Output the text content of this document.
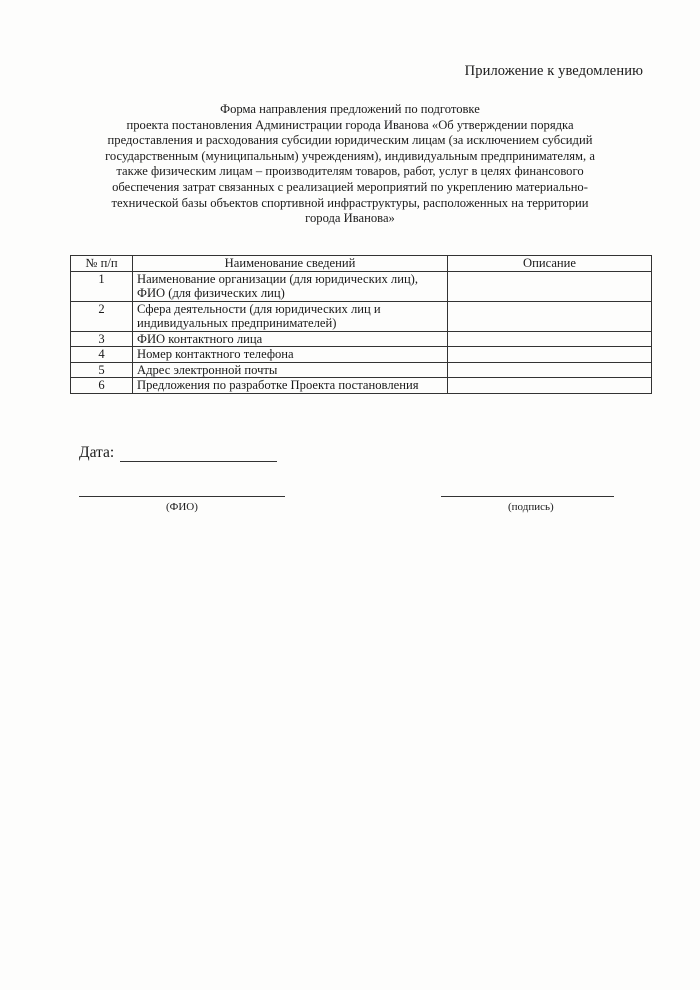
Приложение к уведомлению
Форма направления предложений по подготовке
проекта постановления Администрации города Иванова «Об утверждении порядка
предоставления и расходования субсидии юридическим лицам (за исключением субсидий
государственным (муниципальным) учреждениям), индивидуальным предпринимателям, а
также физическим лицам – производителям товаров, работ, услуг в целях финансового
обеспечения затрат связанных с реализацией мероприятий по укреплению материально-
технической базы объектов спортивной инфраструктуры, расположенных на территории
города Иванова»
№ п/п	Наименование сведений	Описание
1	Наименование организации (для юридических лиц), ФИО (для физических лиц)	
2	Сфера деятельности (для юридических лиц и индивидуальных предпринимателей)	
3	ФИО контактного лица	
4	Номер контактного телефона	
5	Адрес электронной почты	
6	Предложения по разработке Проекта постановления	
Дата:
(ФИО)	(подпись)
